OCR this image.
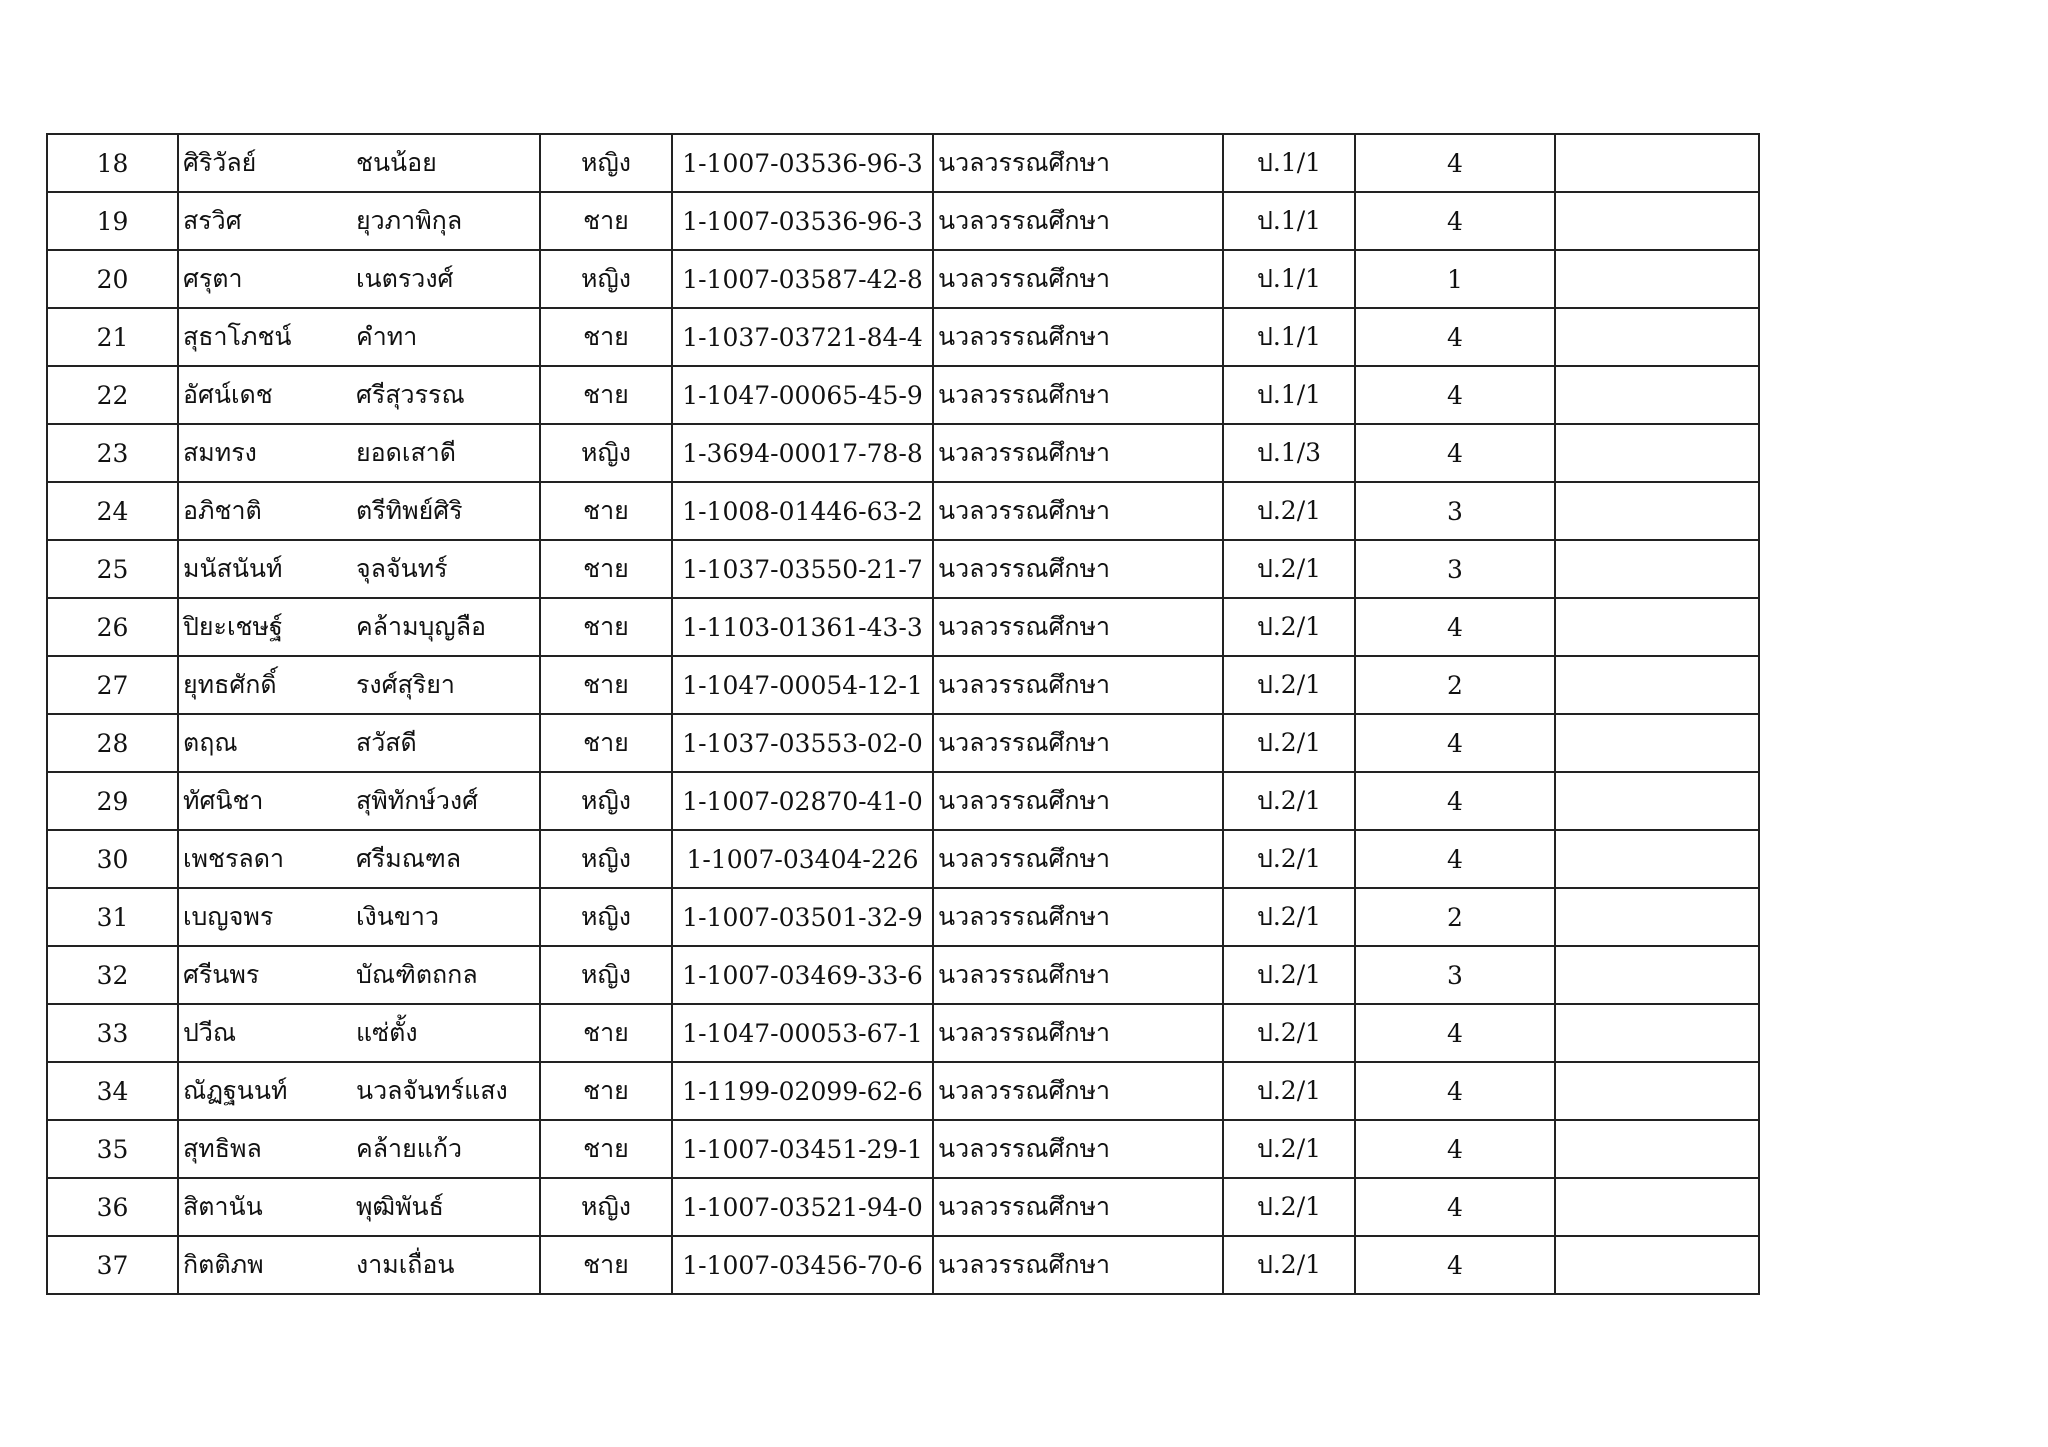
18	ศิริวัลย์	ชนน้อย	หญิง	1-1007-03536-96-3	นวลวรรณศึกษา	ป.1/1	4	
19	สรวิศ	ยุวภาพิกุล	ชาย	1-1007-03536-96-3	นวลวรรณศึกษา	ป.1/1	4	
20	ศรุตา	เนตรวงศ์	หญิง	1-1007-03587-42-8	นวลวรรณศึกษา	ป.1/1	1	
21	สุธาโภชน์	คำทา	ชาย	1-1037-03721-84-4	นวลวรรณศึกษา	ป.1/1	4	
22	อัศน์เดช	ศรีสุวรรณ	ชาย	1-1047-00065-45-9	นวลวรรณศึกษา	ป.1/1	4	
23	สมทรง	ยอดเสาดี	หญิง	1-3694-00017-78-8	นวลวรรณศึกษา	ป.1/3	4	
24	อภิชาติ	ตรีทิพย์ศิริ	ชาย	1-1008-01446-63-2	นวลวรรณศึกษา	ป.2/1	3	
25	มนัสนันท์	จุลจันทร์	ชาย	1-1037-03550-21-7	นวลวรรณศึกษา	ป.2/1	3	
26	ปิยะเชษฐ์	คล้ามบุญลือ	ชาย	1-1103-01361-43-3	นวลวรรณศึกษา	ป.2/1	4	
27	ยุทธศักดิ์	รงศ์สุริยา	ชาย	1-1047-00054-12-1	นวลวรรณศึกษา	ป.2/1	2	
28	ตฤณ	สวัสดี	ชาย	1-1037-03553-02-0	นวลวรรณศึกษา	ป.2/1	4	
29	ทัศนิชา	สุพิทักษ์วงศ์	หญิง	1-1007-02870-41-0	นวลวรรณศึกษา	ป.2/1	4	
30	เพชรลดา	ศรีมณฑล	หญิง	1-1007-03404-226	นวลวรรณศึกษา	ป.2/1	4	
31	เบญจพร	เงินขาว	หญิง	1-1007-03501-32-9	นวลวรรณศึกษา	ป.2/1	2	
32	ศรีนพร	บัณฑิตถกล	หญิง	1-1007-03469-33-6	นวลวรรณศึกษา	ป.2/1	3	
33	ปวีณ	แซ่ตั้ง	ชาย	1-1047-00053-67-1	นวลวรรณศึกษา	ป.2/1	4	
34	ณัฏฐนนท์	นวลจันทร์แสง	ชาย	1-1199-02099-62-6	นวลวรรณศึกษา	ป.2/1	4	
35	สุทธิพล	คล้ายแก้ว	ชาย	1-1007-03451-29-1	นวลวรรณศึกษา	ป.2/1	4	
36	สิตานัน	พุฒิพันธ์	หญิง	1-1007-03521-94-0	นวลวรรณศึกษา	ป.2/1	4	
37	กิตติภพ	งามเถื่อน	ชาย	1-1007-03456-70-6	นวลวรรณศึกษา	ป.2/1	4	
